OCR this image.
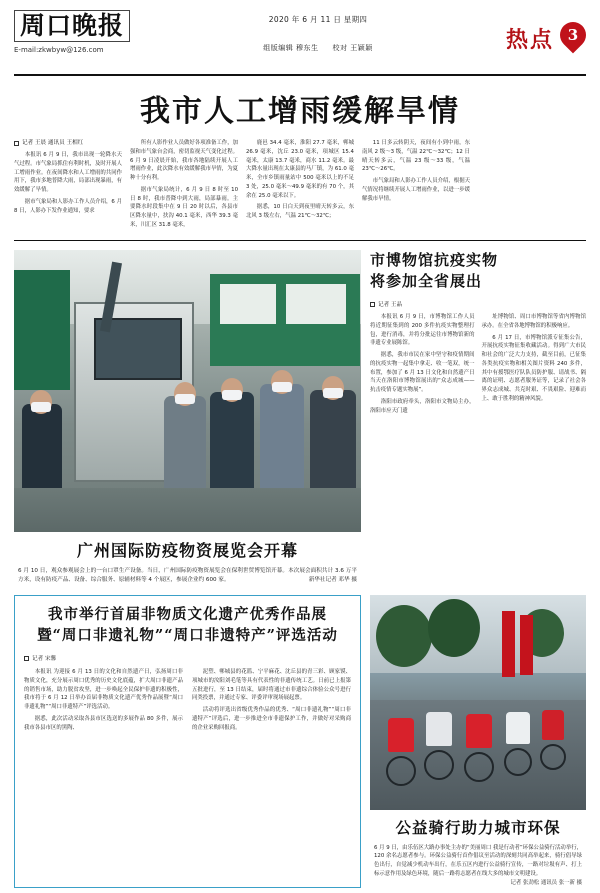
周口晚报
E-mail:zkwbyw@126.com
2020 年 6 月 11 日 星期四
组版编辑 穆东生 校对 王颖颖	热点 3
我市人工增雨缓解旱情
记者 王晨 通讯员 王相红

本报讯 6 月 9 日，我市出现一轮降水天气过程。市气象局抓住有利时机，及时开展人工增雨作业。在夜间降水和人工增雨的共同作用下，我市多地普降大雨，局部出现暴雨，有效缓解了旱情。

据市气象局和人影办工作人员介绍，6 月 8 日，人影办下发作业通知，要求

所有人影作业人员做好各项准备工作，加强和市气象台会商，密切监视天气变化过程。6 月 9 日凌晨开始，我市各地陆续开展人工增雨作业，此次降水有效缓解我市旱情，为夏种十分有利。

据市气象局统计，6 月 9 日 8 时至 10 日 8 时，我市普降中到大雨，局部暴雨。主要降水时段集中在 9 日 20 时以后，各县市区降水量中，扶沟 40.1 毫米，西华 39.3 毫米，川汇区 31.8 毫米，

鹿邑 34.4 毫米，淮阳 27.7 毫米，郸城 26.9 毫米，沈丘 23.0 毫米，项城区 15.4 毫米，太康 13.7 毫米，商水 11.2 毫米。最大降水量出现在太康县的马厂镇，为 61.0 毫米，全市乡镇雨量站中 500 毫米以上的不足 3 处，25.0 毫米～49.9 毫米的有 70 个，其余在 25.0 毫米以下。

据悉，10 日白天到夜里晴天转多云，东北风 3 级左右，气温 21℃～32℃；

11 日多云转阴天，夜间有小到中雨，东南风 2 级～3 级，气温 22℃～32℃；12 日晴天转多云，气温 23 级～33 级，气温 23℃～26℃。

市气象局和人影办工作人员介绍，根据天气情况将继续开展人工增雨作业，以进一步缓解我市旱情。

广州国际防疫物资展览会开幕
6 月 10 日，观众参观展会上的一台口罩生产设备。当日，广州国际防疫物资展览会在保利世贸博览馆开幕。本次展会面积共计 3.6 万平方米，设有防疫产品、设备、综合服务、原辅材料等 4 个展区，参展企业约 600 家。	新华社记者 邓华 摄
市博物馆抗疫实物
将参加全省展出
记者 王晶

本报讯 6 月 9 日，市博物馆工作人员将近期征集到的 200 多件抗疫实物整理打包，进行消毒，并将分批运往市博物馆新的非遗专业展陈馆。

据悉，我市市民在家中坚守和疫情期间的抗疫实物一起集中拿走、收一笔双，统一布置，参加了 6 月 13 日文化和自然遗产日当天在洛阳市博物馆展出的“众志成城——抗击疫情专题实物展”。

洛阳市政府牵头，洛阳市文物局主办，洛阳市应天门遗

址博物馆、周口市博物馆等省内博物馆承办。在全省各地博物馆的积极响应。

6 月 17 日，市博物馆派专征集公告，开展抗疫实物征集收藏活动。得到广大市民和社会的广泛大力支持，截至目前，已征集各类抗疫实物和相关图片资料 240 多件，其中有援鄂医疗队队员防护服、请战书、隔离的证明、志愿者服务证等，记录了社会各界众志成城、共克时艰、不畏艰险、迎难而上、敢于胜利的精神风貌。

我市举行首届非物质文化遗产优秀作品展
暨“周口非遗礼物”“周口非遗特产”评选活动
记者 宋馨

本报讯 为迎接 6 月 13 日的文化和自然遗产日，弘扬周口非物质文化，充分展示周口优秀的历史文化底蕴，扩大周口非遗产品的销售市场，助力脱贫攻坚，进一步唤起全民保护非遗的积极性，我市将于 6 月 12 日举办首届非物质文化遗产优秀作品展暨“周口非遗礼物”“周口非遗特产”评选活动。

据悉，此次活动采取各县市区选送的多展作品 80 多件，展示我市各县市区的黑陶、

泥塑、郸城县的花篮、宁平麻花、沈丘县的青三彩、顾家馍、项城市的汝阳刘毛笔等具有代表性的非遗传统工艺。日前已上报第五批进行，至 13 日结束，届时将通过市非遗综合体验公众号进行同类投票，并通过专家、评委评审现场展起票。

活动将评选出省级优秀作品的优秀、“周口非遗礼物”“周口非遗特产”评选后，进一步推进全市非遗保护工作，并做好对采购商的企业采购回报商。

公益骑行助力城市环保
6 月 9 日，由乐伍区大路办事处主办的“美丽周口 我是行动者”环保公益骑行活动举行，120 余名志愿者参与。环保公益骑行首作倡议至活动的深刻共同高举起来，骑行倡导绿色出行，自觉减少机动车出行，在乐五区内进行公益骑行宣传，一路对垃圾有声、打上标示意作用及绿色环境，随后一路将志愿者在线大多的城市文明建设。
记者 张劲松 通讯员 张一新 摄
